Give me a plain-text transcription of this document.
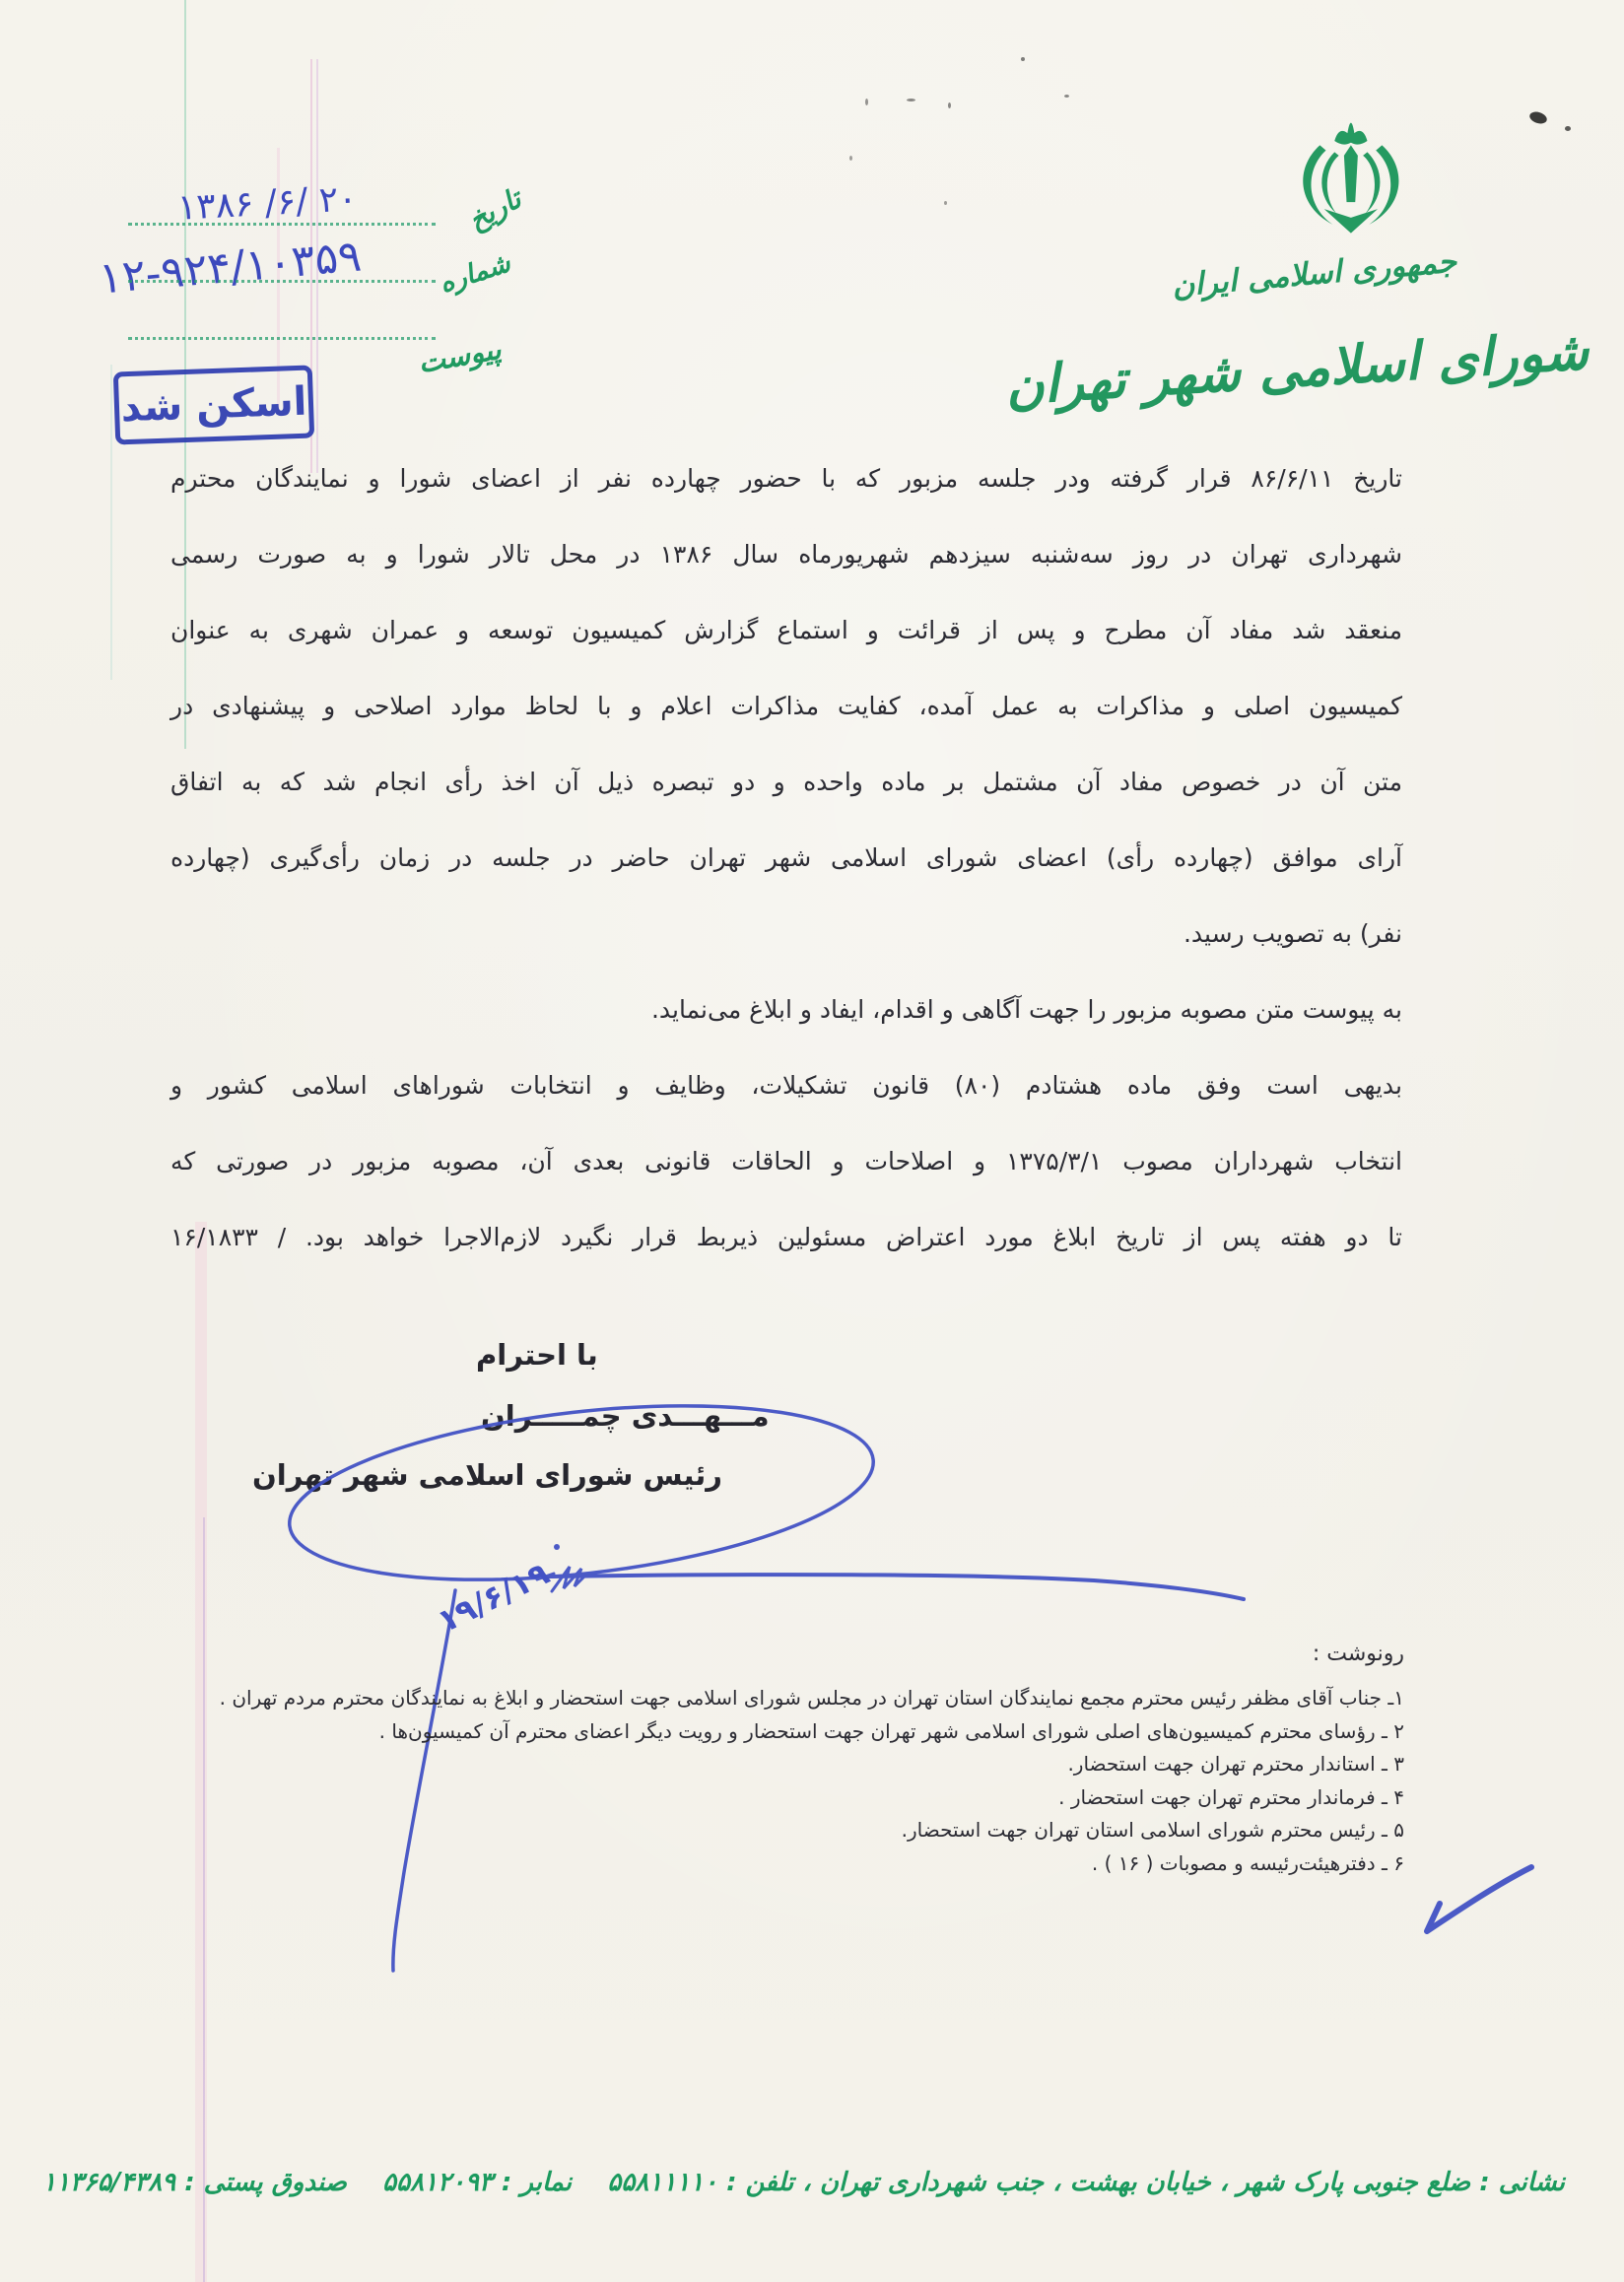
جمهوری اسلامی ایران
شورای اسلامی شهر تهران
تاریخ
۱۳۸۶ /۶/ ۲۰
شماره
۱۲-۹۲۴/۱۰۳۵۹
پیوست
اسکن شد
تاریخ ۸۶/۶/۱۱ قرار گرفته ودر جلسه مزبور که با حضور چهارده نفر از اعضای شورا و نمایندگان محترم
شهرداری تهران در روز سه‌شنبه سیزدهم شهریورماه سال ۱۳۸۶ در محل تالار شورا و به صورت رسمی
منعقد شد مفاد آن مطرح و پس از قرائت و استماع گزارش کمیسیون توسعه و عمران شهری به عنوان
کمیسیون اصلی و مذاکرات به عمل آمده، کفایت مذاکرات اعلام و با لحاظ موارد اصلاحی و پیشنهادی در
متن آن در خصوص مفاد آن مشتمل بر ماده واحده و دو تبصره ذیل آن اخذ رأی انجام شد که به اتفاق
آرای موافق (چهارده رأی) اعضای شورای اسلامی شهر تهران حاضر در جلسه در زمان رأی‌گیری (چهارده
نفر) به تصویب رسید.
به پیوست متن مصوبه مزبور را جهت آگاهی و اقدام، ایفاد و ابلاغ می‌نماید.
بدیهی است وفق ماده هشتادم (۸۰) قانون تشکیلات، وظایف و انتخابات شوراهای اسلامی کشور و
انتخاب شهرداران مصوب ۱۳۷۵/۳/۱ و اصلاحات و الحاقات قانونی بعدی آن، مصوبه مزبور در صورتی که
تا دو هفته پس از تاریخ ابلاغ مورد اعتراض مسئولین ذیربط قرار نگیرد لازم‌الاجرا خواهد بود. / ۱۶/۱۸۳۳
با احترام
مـــهـــدی چمـــــران
رئیس شورای اسلامی شهر تهران
۱۹/۶/۱۹
رونوشت :
۱ـ جناب آقای مظفر رئیس محترم مجمع نمایندگان استان تهران در مجلس شورای اسلامی جهت استحضار و ابلاغ به نمایندگان محترم مردم تهران .
۲ ـ رؤسای محترم کمیسیون‌های اصلی شورای اسلامی شهر تهران جهت استحضار و رویت دیگر اعضای محترم آن کمیسیون‌ها .
۳ ـ استاندار محترم تهران جهت استحضار.
۴ ـ فرماندار محترم تهران جهت استحضار .
۵ ـ رئیس محترم شورای اسلامی استان تهران جهت استحضار.
۶ ـ دفترهیئت‌رئیسه و مصوبات ( ۱۶ ) .
نشانی : ضلع جنوبی پارک شهر ، خیابان بهشت ، جنب شهرداری تهران ، تلفن : ۵۵۸۱۱۱۱۰    نمابر : ۵۵۸۱۲۰۹۳    صندوق پستی : ۱۱۳۶۵/۴۳۸۹
